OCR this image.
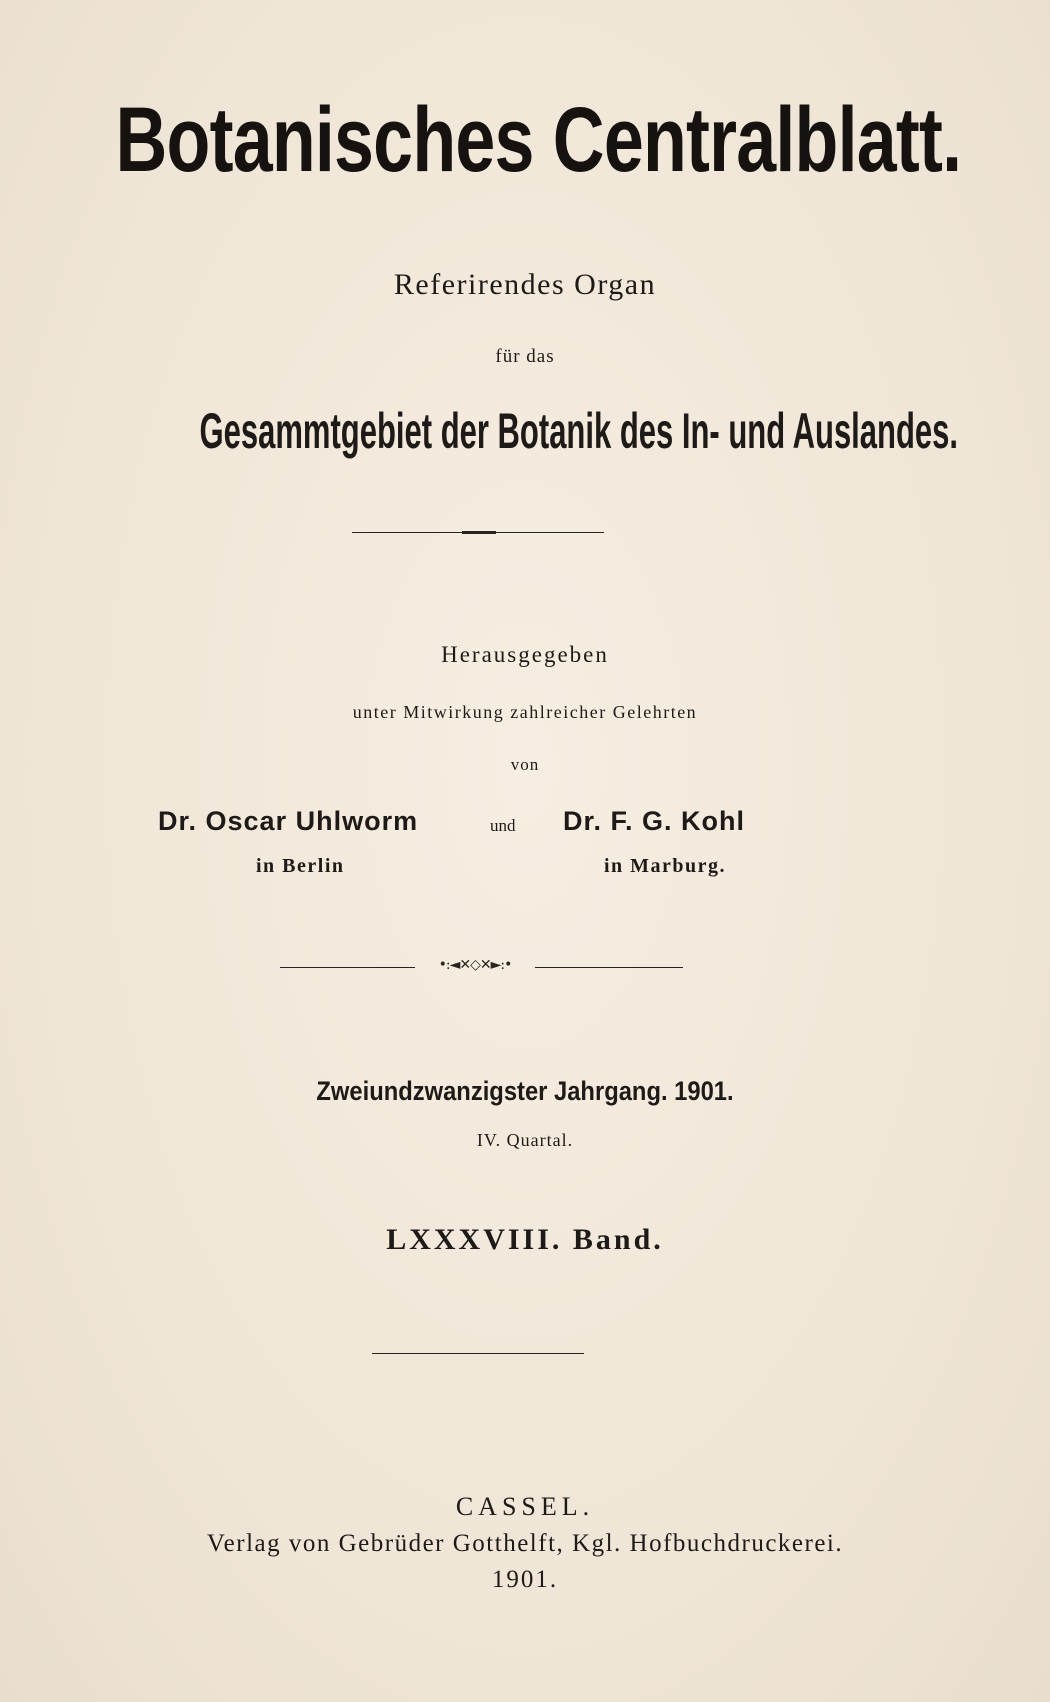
Botanisches Centralblatt.
Referirendes Organ
für das
Gesammtgebiet der Botanik des In- und Auslandes.
Herausgegeben
unter Mitwirkung zahlreicher Gelehrten
von
Dr. Oscar Uhlworm	und Dr. F. G. Kohl
in Berlin	in Marburg.
•:◄✕◇✕►:•
Zweiundzwanzigster Jahrgang. 1901.
IV. Quartal.
LXXXVIII. Band.
CASSEL.
Verlag von Gebrüder Gotthelft, Kgl. Hofbuchdruckerei.
1901.
